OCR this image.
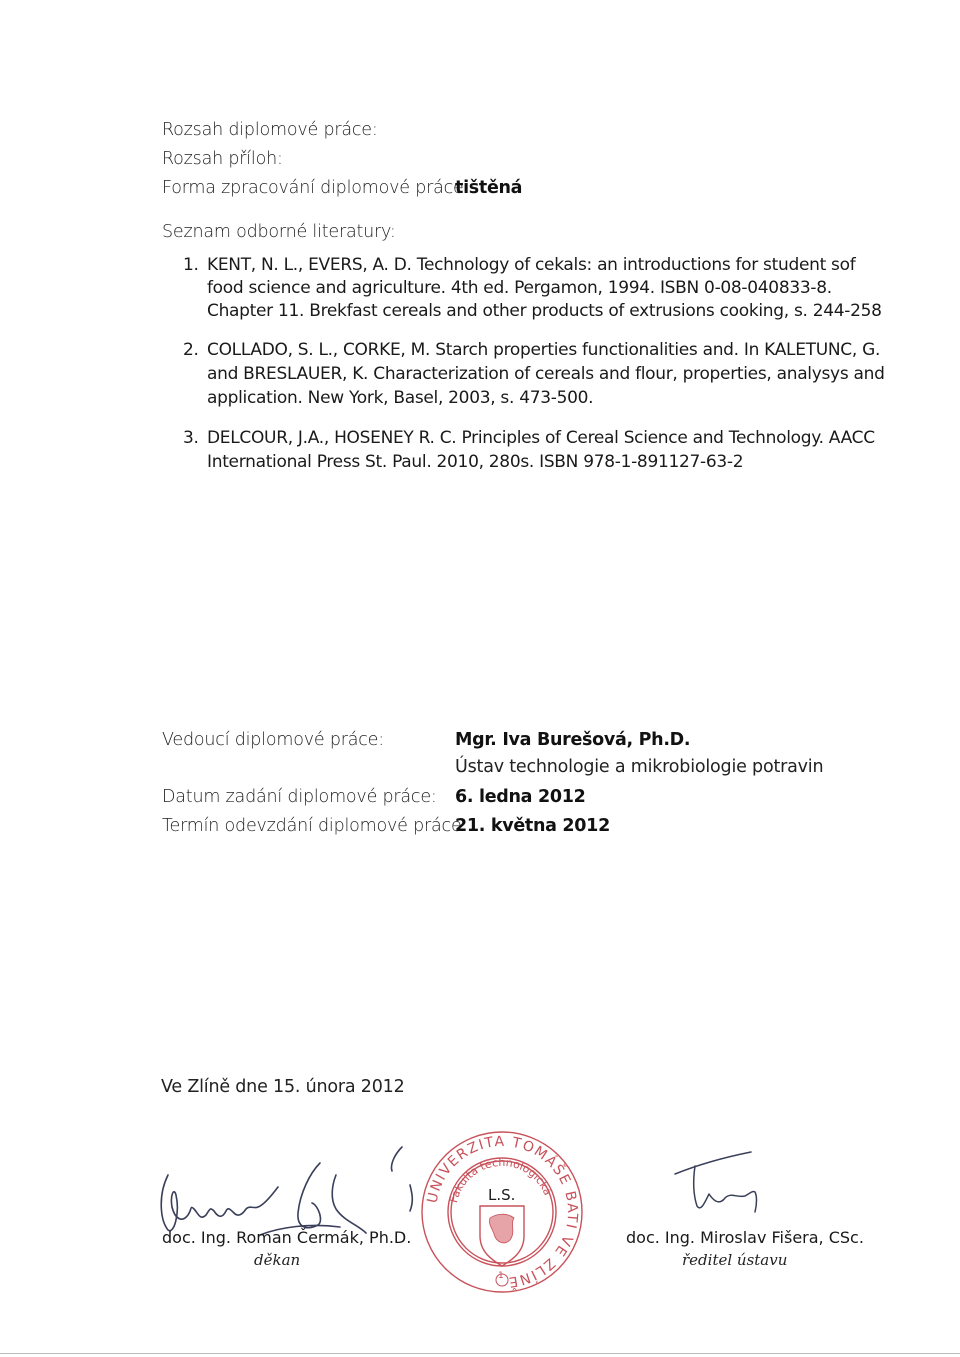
Rozsah diplomové práce:
Rozsah příloh:
Forma zpracování diplomové práce:
tištěná
Seznam odborné literatury:
1. KENT, N. L., EVERS, A. D. Technology of cekals: an introductions for student sof
food science and agriculture. 4th ed. Pergamon, 1994. ISBN 0-08-040833-8.
Chapter 11. Brekfast cereals and other products of extrusions cooking, s. 244-258
2. COLLADO, S. L., CORKE, M. Starch properties functionalities and. In KALETUNC, G.
and BRESLAUER, K. Characterization of cereals and flour, properties, analysys and
application. New York, Basel, 2003, s. 473-500.
3. DELCOUR, J.A., HOSENEY R. C. Principles of Cereal Science and Technology. AACC
International Press St. Paul. 2010, 280s. ISBN 978-1-891127-63-2
Vedoucí diplomové práce:	Mgr. Iva Burešová, Ph.D.
Ústav technologie a mikrobiologie potravin
Datum zadání diplomové práce: 6. ledna 2012
Termín odevzdání diplomové práce:
21. května 2012
Ve Zlíně dne 15. února 2012
doc. Ing. Roman Čermák, Ph.D.
děkan
UNIVERZITA TOMÁŠE BATI VE ZLÍNĚ
Fakulta technologická
L.S.
1
doc. Ing. Miroslav Fišera, CSc.
ředitel ústavu
